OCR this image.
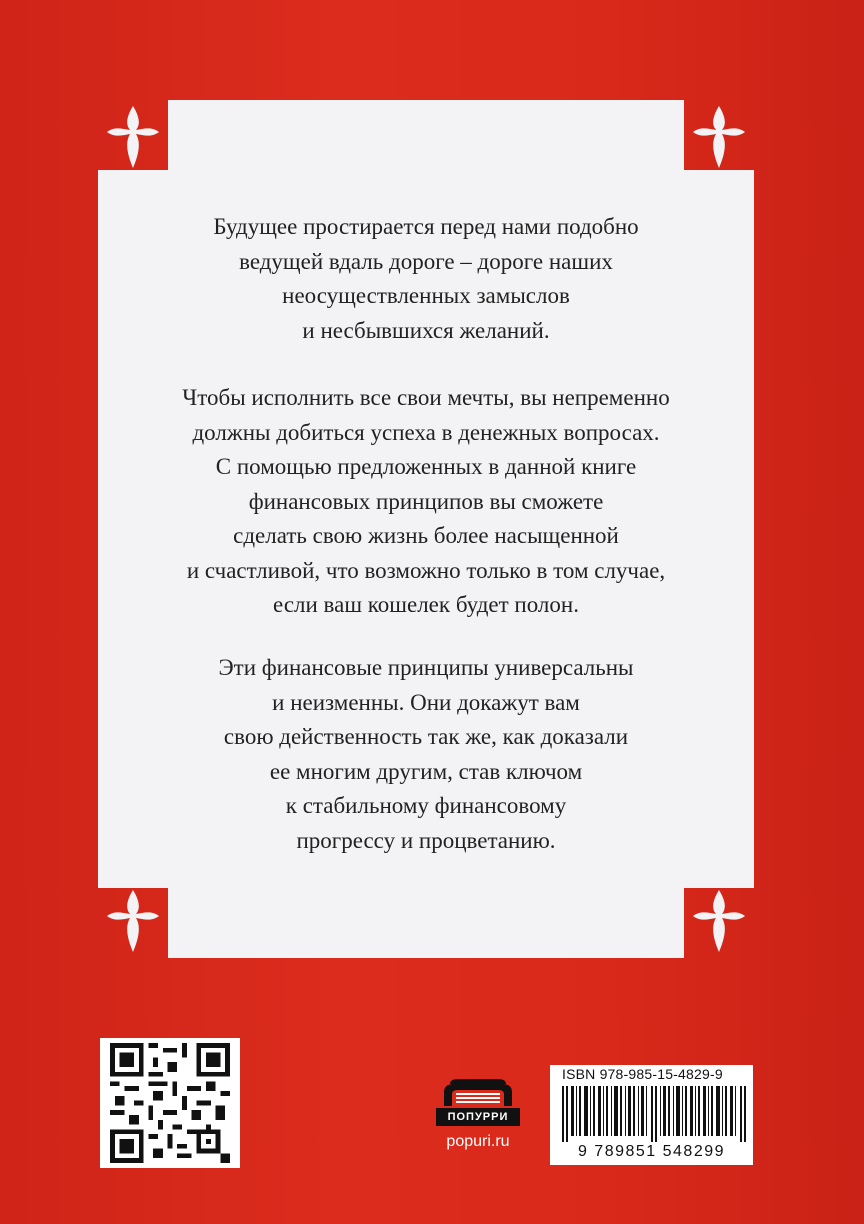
Будущее простирается перед нами подобно

ведущей вдаль дороге – дороге наших

неосуществленных замыслов

и несбывшихся желаний.

Чтобы исполнить все свои мечты, вы непременно

должны добиться успеха в денежных вопросах.

С помощью предложенных в данной книге

финансовых принципов вы сможете

сделать свою жизнь более насыщенной

и счастливой, что возможно только в том случае,

если ваш кошелек будет полон.

Эти финансовые принципы универсальны

и неизменны. Они докажут вам

свою действенность так же, как доказали

ее многим другим, став ключом

к стабильному финансовому

прогрессу и процветанию.

ПОПУРРИ
popuri.ru
ISBN 978-985-15-4829-9
9 789851 548299
